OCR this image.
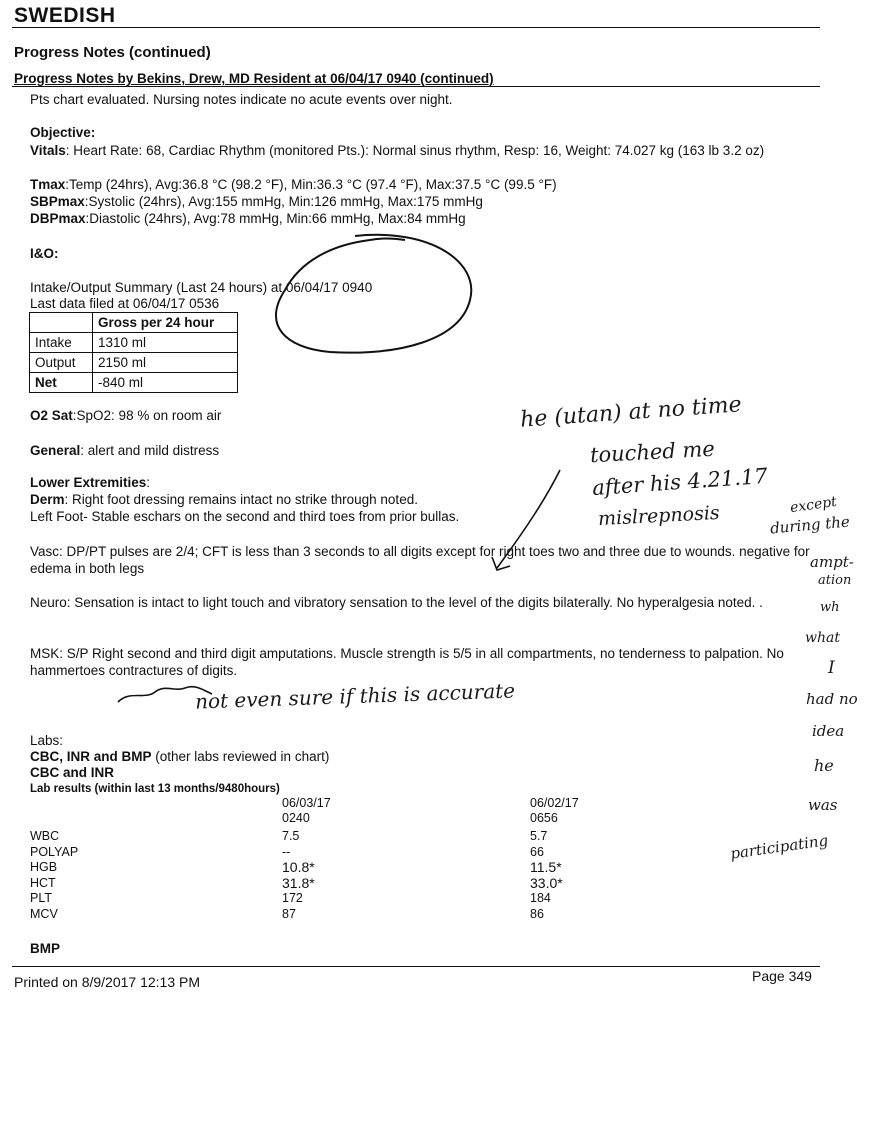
SWEDISH
Progress Notes (continued)
Progress Notes by Bekins, Drew, MD Resident at 06/04/17 0940 (continued)
Pts chart evaluated. Nursing notes indicate no acute events over night.
Objective:
Vitals: Heart Rate: 68, Cardiac Rhythm (monitored Pts.): Normal sinus rhythm, Resp: 16, Weight: 74.027 kg (163 lb 3.2 oz)
Tmax:Temp (24hrs), Avg:36.8 °C (98.2 °F), Min:36.3 °C (97.4 °F), Max:37.5 °C (99.5 °F)
SBPmax:Systolic (24hrs), Avg:155 mmHg, Min:126 mmHg, Max:175 mmHg
DBPmax:Diastolic (24hrs), Avg:78 mmHg, Min:66 mmHg, Max:84 mmHg
I&O:
Intake/Output Summary (Last 24 hours) at 06/04/17 0940
Last data filed at 06/04/17 0536
	Gross per 24 hour
Intake	1310 ml
Output	2150 ml
Net	-840 ml
O2 Sat:SpO2: 98 % on room air
General: alert and mild distress
Lower Extremities:
Derm: Right foot dressing remains intact no strike through noted.
Left Foot- Stable eschars on the second and third toes from prior bullas.
Vasc: DP/PT pulses are 2/4; CFT is less than 3 seconds to all digits except for right toes two and three due to wounds. negative for edema in both legs
Neuro: Sensation is intact to light touch and vibratory sensation to the level of the digits bilaterally. No hyperalgesia noted. .
MSK: S/P Right second and third digit amputations. Muscle strength is 5/5 in all compartments, no tenderness to palpation. No hammertoes contractures of digits.
Labs:
CBC, INR and BMP (other labs reviewed in chart)
CBC and INR
Lab results (within last 13 months/9480hours)
06/03/17
0240
06/02/17
0656
WBC	7.5	5.7
POLYAP	--	66
HGB	10.8*	11.5*
HCT	31.8*	33.0*
PLT	172	184
MCV	87	86
BMP
Printed on 8/9/2017 12:13 PM	Page 349
he (utan) at no time
touched me
after his 4.21.17
mislrepnosis	except
during the
ampt-
ation
wh
what
I
had no
idea
he
was
participating
not even sure if this is accurate
